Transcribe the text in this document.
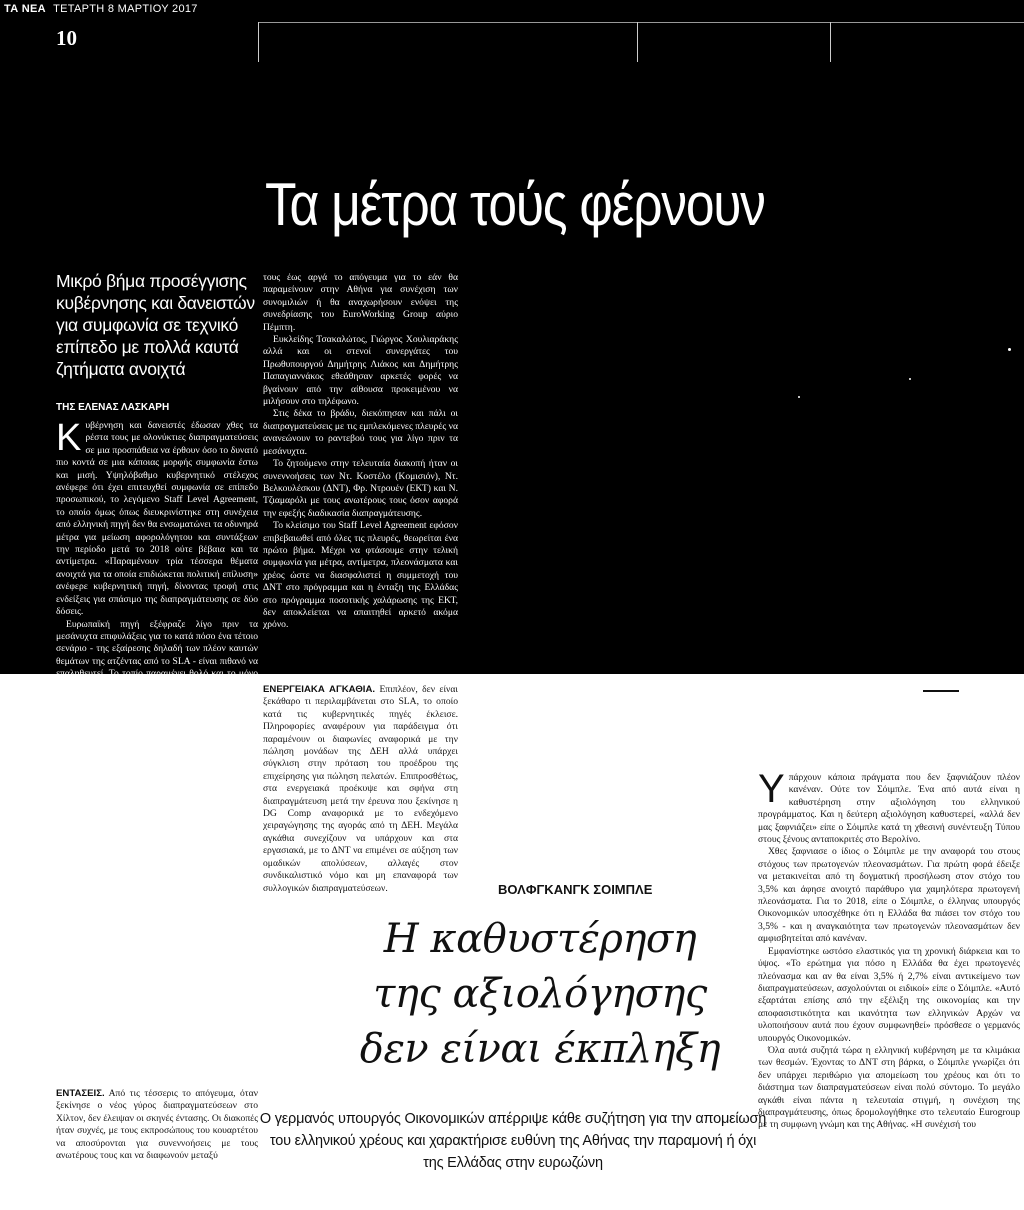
ΤΑ ΝΕΑ ΤΕΤΑΡΤΗ 8 ΜΑΡΤΙΟΥ 2017
10
Τα μέτρα τούς φέρνουν
Μικρό βήμα προσέγγισης κυβέρνησης και δανειστών για συμφωνία σε τεχνικό επίπεδο με πολλά καυτά ζητήματα ανοιχτά
ΤΗΣ ΕΛΕΝΑΣ ΛΑΣΚΑΡΗ

Κυβέρνηση και δανειστές έδωσαν χθες τα ρέστα τους με ολονύκτιες διαπραγματεύσεις σε μια προσπάθεια να έρθουν όσο το δυνατό πιο κοντά σε μια κάποιας μορφής συμφωνία έστω και μισή. Υψηλόβαθμο κυβερνητικό στέλεχος ανέφερε ότι έχει επιτευχθεί συμφωνία σε επίπεδο προσωπικού, το λεγόμενο Staff Level Agreement, το οποίο όμως όπως διευκρινίστηκε στη συνέχεια από ελληνική πηγή δεν θα ενσωματώνει τα οδυνηρά μέτρα για μείωση αφορολόγητου και συντάξεων την περίοδο μετά το 2018 ούτε βέβαια και τα αντίμετρα. «Παραμένουν τρία τέσσερα θέματα ανοιχτά για τα οποία επιδιώκεται πολιτική επίλυση» ανέφερε κυβερνητική πηγή, δίνοντας τροφή στις ενδείξεις για σπάσιμο της διαπραγμάτευσης σε δύο δόσεις.

Ευρωπαϊκή πηγή εξέφραζε λίγο πριν τα μεσάνυχτα επιφυλάξεις για το κατά πόσο ένα τέτοιο σενάριο - της εξαίρεσης δηλαδή των πλέον καυτών θεμάτων της ατζέντας από το SLA - είναι πιθανό να επαληθευτεί. Το τοπίο παραμένει θολό και το μόνο βέβαιο είναι ότι ως την τελευταία στιγμή οι εμπλεκόμενες πλευρές επιχειρούσαν να μην αναγκαστούν οι δανειστές από την Αθήνα σε κλίμα αδιεξόδου. Έτσι οι διαπραγματεύσεις θα συνεχιστούν και σήμερα.

Η προσπάθεια συγκλίσεων φαινόταν από το βράδυ της Δευτέρας, όταν κατά πληροφορίες από κυβερνητικές πηγές το ΔΝΤ αποδέχθηκε την υπεραπόδοση του πρωτογενούς πλεονάσματος το 2016 με μόνιμα χαρακτηριστικά σε ένα σημαντικό βαθμό. Η εξέλιξη αυτή σπάθηκε ικανή για να κλείσει έως το δημοσιονομικό κενό για το 2018 με μόνες παρεμβάσεις στο μέτωπο των περικοπών επιδομάτων τα οποία θα ενσωματωθούν στο Κοινωνικό Εισόδημα Αλληλεγγύης. Αυτές οι παρεμβάσεις είχαν συμφωνηθεί από τον Δεκέμβριο. Η κυβέρνηση, χωρίς να έχει πει το οριστικό και, φέρεται να αποδέχεται τα νέα μέτρα ύψους 2% του ΑΕΠ (ενδεχομένως να κατέβει ο πήχης οριακά στην περιοχή του 1,9% του ΑΕΠ ή κατά περίπου 180 εκατ. ευρώ σε σύνολο 3,6 δισ.) με το αφορολόγητο να κατεβαίνει στα 6.000 ευρώ από το 2019 και τις συντάξεις να μπαίνουν στην κλίνη του Προκρούστη το 2020.

ΕΝΤΑΣΕΙΣ. Από τις τέσσερις το απόγευμα, όταν ξεκίνησε ο νέος γύρος διαπραγματεύσεων στο Χίλτον, δεν έλειψαν οι σκηνές έντασης. Οι διακοπές ήταν συχνές, με τους εκπροσώπους του κουαρτέτου να αποσύρονται για συνεννοήσεις με τους ανωτέρους τους και να διαφωνούν μεταξύ

τους έως αργά το απόγευμα για το εάν θα παραμείνουν στην Αθήνα για συνέχιση των συνομιλιών ή θα αναχωρήσουν ενόψει της συνεδρίασης του EuroWorking Group αύριο Πέμπτη.

Ευκλείδης Τσακαλώτος, Γιώργος Χουλιαράκης αλλά και οι στενοί συνεργάτες του Πρωθυπουργού Δημήτρης Λιάκος και Δημήτρης Παπαγιαννάκος εθεάθησαν αρκετές φορές να βγαίνουν από την αίθουσα προκειμένου να μιλήσουν στο τηλέφωνο.

Στις δέκα το βράδυ, διεκόπησαν και πάλι οι διαπραγματεύσεις με τις εμπλεκόμενες πλευρές να ανανεώνουν το ραντεβού τους για λίγο πριν τα μεσάνυχτα.

Το ζητούμενο στην τελευταία διακοπή ήταν οι συνεννοήσεις των Ντ. Κοστέλο (Κομισιόν), Ντ. Βελκουλέσκου (ΔΝΤ), Φρ. Ντρουέν (ΕΚΤ) και Ν. Τζιαμαρόλι με τους ανωτέρους τους όσον αφορά την εφεξής διαδικασία διαπραγμάτευσης.

Το κλείσιμο του Staff Level Agreement εφόσον επιβεβαιωθεί από όλες τις πλευρές, θεωρείται ένα πρώτο βήμα. Μέχρι να φτάσουμε στην τελική συμφωνία για μέτρα, αντίμετρα, πλεονάσματα και χρέος ώστε να διασφαλιστεί η συμμετοχή του ΔΝΤ στο πρόγραμμα και η ένταξη της Ελλάδας στο πρόγραμμα ποσοτικής χαλάρωσης της ΕΚΤ, δεν αποκλείεται να απαιτηθεί αρκετό ακόμα χρόνο.

ΕΝΕΡΓΕΙΑΚΑ ΑΓΚΑΘΙΑ. Επιπλέον, δεν είναι ξεκάθαρο τι περιλαμβάνεται στο SLA, το οποίο κατά τις κυβερνητικές πηγές έκλεισε. Πληροφορίες αναφέρουν για παράδειγμα ότι παραμένουν οι διαφωνίες αναφορικά με την πώληση μονάδων της ΔΕΗ αλλά υπάρχει σύγκλιση στην πρόταση του προέδρου της επιχείρησης για πώληση πελατών. Επιπροσθέτως, στα ενεργειακά προέκυψε και σφήνα στη διαπραγμάτευση μετά την έρευνα που ξεκίνησε η DG Comp αναφορικά με το ενδεχόμενο χειραγώγησης της αγοράς από τη ΔΕΗ. Μεγάλα αγκάθια συνεχίζουν να υπάρχουν και στα εργασιακά, με το ΔΝΤ να επιμένει σε αύξηση των ομαδικών απολύσεων, αλλαγές στον συνδικαλιστικό νόμο και μη επαναφορά των συλλογικών διαπραγματεύσεων.	ΒΟΛΦΓΚΑΝΓΚ ΣΟΙΜΠΛΕ
Η καθυστέρηση
της αξιολόγησης
δεν είναι έκπληξη
Ο γερμανός υπουργός Οικονομικών απέρριψε κάθε συζήτηση για την απομείωση του ελληνικού χρέους και χαρακτήρισε ευθύνη της Αθήνας την παραμονή ή όχι της Ελλάδας στην ευρωζώνη

Υπάρχουν κάποια πράγματα που δεν ξαφνιάζουν πλέον κανέναν. Ούτε τον Σόιμπλε. Ένα από αυτά είναι η καθυστέρηση στην αξιολόγηση του ελληνικού προγράμματος. Και η δεύτερη αξιολόγηση καθυστερεί, «αλλά δεν μας ξαφνιάζει» είπε ο Σόιμπλε κατά τη χθεσινή συνέντευξη Τύπου στους ξένους ανταποκριτές στο Βερολίνο.

Χθες ξαφνιασε ο ίδιος ο Σόιμπλε με την αναφορά του στους στόχους των πρωτογενών πλεονασμάτων. Για πρώτη φορά έδειξε να μετακινείται από τη δογματική προσήλωση στον στόχο του 3,5% και άφησε ανοιχτό παράθυρο για χαμηλότερα πρωτογενή πλεονάσματα. Για το 2018, είπε ο Σόιμπλε, ο έλληνας υπουργός Οικονομικών υποσχέθηκε ότι η Ελλάδα θα πιάσει τον στόχο του 3,5% - και η αναγκαιότητα των πρωτογενών πλεονασμάτων δεν αμφισβητείται από κανέναν.

Εμφανίστηκε ωστόσο ελαστικός για τη χρονική διάρκεια και το ύψος. «Το ερώτημα για πόσο η Ελλάδα θα έχει πρωτογενές πλεόνασμα και αν θα είναι 3,5% ή 2,7% είναι αντικείμενο των διαπραγματεύσεων, ασχολούνται οι ειδικοί» είπε ο Σόιμπλε. «Αυτό εξαρτάται επίσης από την εξέλιξη της οικονομίας και την αποφασιστικότητα και ικανότητα των ελληνικών Αρχών να υλοποιήσουν αυτά που έχουν συμφωνηθεί» πρόσθεσε ο γερμανός υπουργός Οικονομικών.

Όλα αυτά συζητά τώρα η ελληνική κυβέρνηση με τα κλιμάκια των θεσμών. Έχοντας το ΔΝΤ στη βάρκα, ο Σόιμπλε γνωρίζει ότι δεν υπάρχει περιθώριο για απομείωση του χρέους και ότι το διάστημα των διαπραγματεύσεων είναι πολύ σύντομο. Το μεγάλο αγκάθι είναι πάντα η τελευταία στιγμή, η συνέχιση της διαπραγμάτευσης, όπως δρομολογήθηκε στο τελευταίο Eurogroup με τη συμφωνη γνώμη και της Αθήνας. «Η συνέχισή του
